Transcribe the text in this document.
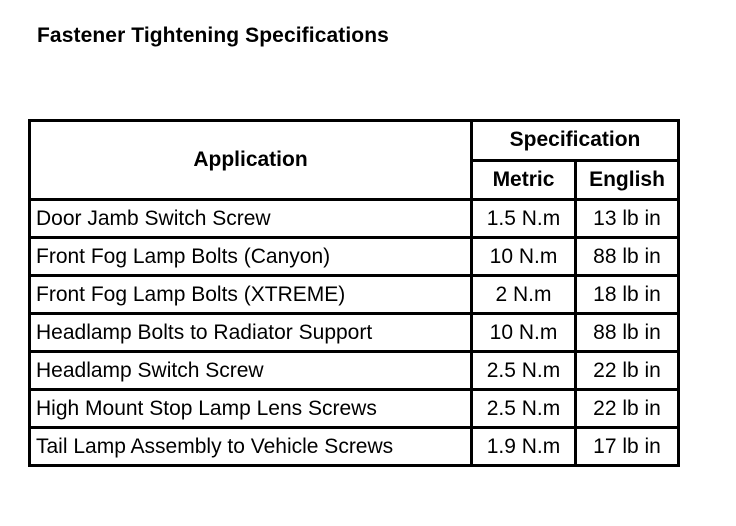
Fastener Tightening Specifications
Application	Specification	
	Metric	English
Door Jamb Switch Screw	1.5 N.m	13 lb in
Front Fog Lamp Bolts (Canyon)	10 N.m	88 lb in
Front Fog Lamp Bolts (XTREME)	2 N.m	18 lb in
Headlamp Bolts to Radiator Support	10 N.m	88 lb in
Headlamp Switch Screw	2.5 N.m	22 lb in
High Mount Stop Lamp Lens Screws	2.5 N.m	22 lb in
Tail Lamp Assembly to Vehicle Screws	1.9 N.m	17 lb in
